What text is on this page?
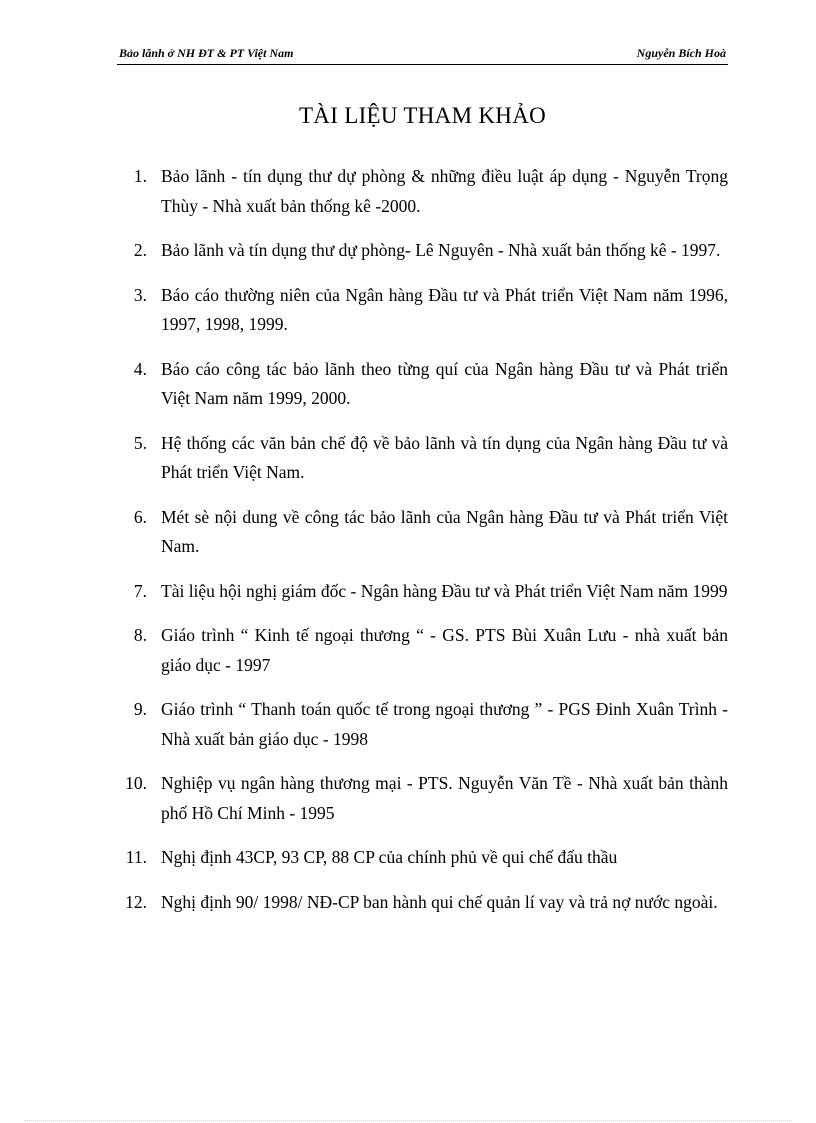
Bảo lãnh ở NH ĐT & PT Việt Nam	Nguyễn Bích Hoà
TÀI LIỆU THAM KHẢO
1. Bảo lãnh - tín dụng thư dự phòng & những điều luật áp dụng - Nguyễn Trọng Thùy - Nhà xuất bản thống kê -2000.
2. Bảo lãnh và tín dụng thư dự phòng- Lê Nguyên - Nhà xuất bản thống kê - 1997.
3. Báo cáo thường niên của Ngân hàng Đầu tư và Phát triển Việt Nam năm 1996, 1997, 1998, 1999.
4. Báo cáo công tác bảo lãnh theo từng quí của Ngân hàng Đầu tư và Phát triển Việt Nam năm 1999, 2000.
5. Hệ thống các văn bản chế độ về bảo lãnh và tín dụng của Ngân hàng Đầu tư và Phát triển Việt Nam.
6. Mét sè nội dung về công tác bảo lãnh của Ngân hàng Đầu tư và Phát triển Việt Nam.
7. Tài liệu hội nghị giám đốc - Ngân hàng Đầu tư và Phát triển Việt Nam năm 1999
8. Giáo trình “ Kinh tế ngoại thương “ - GS. PTS Bùi Xuân Lưu - nhà xuất bản giáo dục - 1997
9. Giáo trình “ Thanh toán quốc tế trong ngoại thương ” - PGS Đinh Xuân Trình - Nhà xuất bản giáo dục - 1998
10. Nghiệp vụ ngân hàng thương mại - PTS. Nguyễn Văn Tề - Nhà xuất bản thành phố Hồ Chí Minh - 1995
11. Nghị định 43CP, 93 CP, 88 CP của chính phủ về qui chế đấu thầu
12. Nghị định 90/ 1998/ NĐ-CP ban hành qui chế quản lí vay và trả nợ nước ngoài.
